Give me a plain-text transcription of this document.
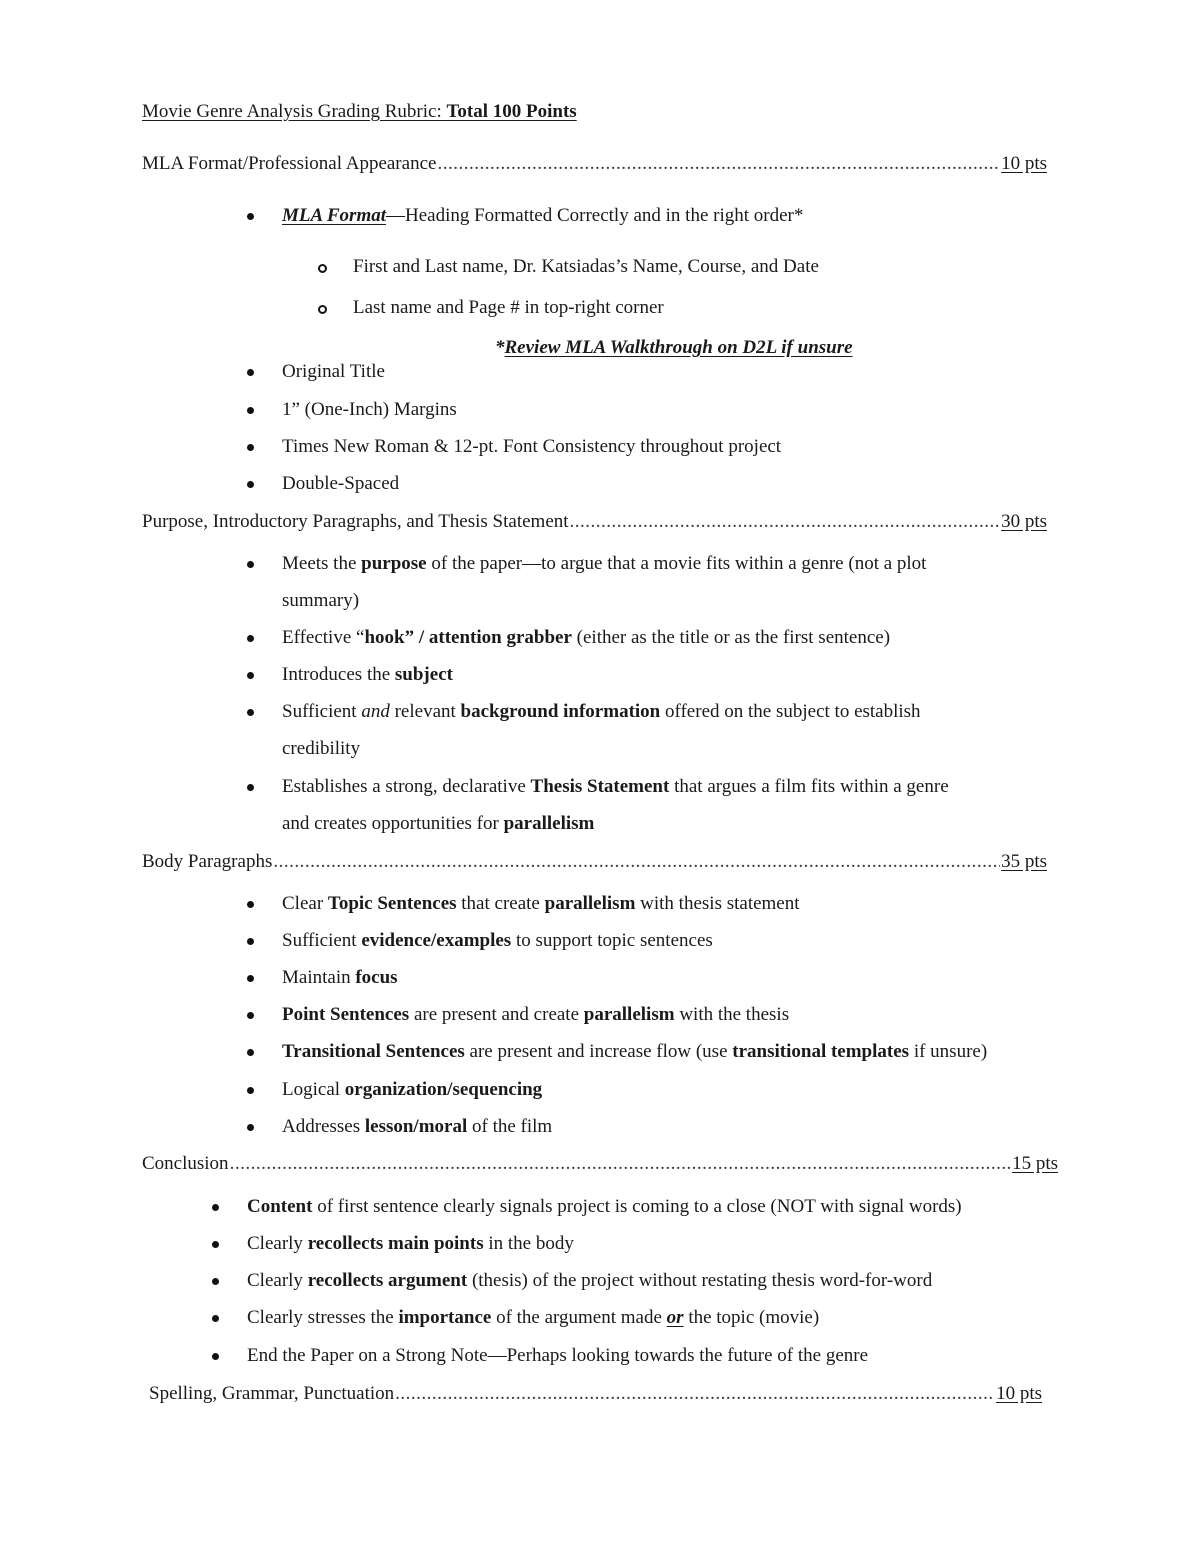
Movie Genre Analysis Grading Rubric: Total 100 Points
MLA Format/Professional Appearance .....	10 pts
MLA Format—Heading Formatted Correctly and in the right order*
First and Last name, Dr. Katsiadas’s Name, Course, and Date
Last name and Page # in top-right corner
*Review MLA Walkthrough on D2L if unsure
Original Title
1” (One-Inch) Margins
Times New Roman & 12-pt. Font Consistency throughout project
Double-Spaced
Purpose, Introductory Paragraphs, and Thesis Statement .....	30 pts
Meets the purpose of the paper—to argue that a movie fits within a genre (not a plot
summary)
Effective “hook” / attention grabber (either as the title or as the first sentence)
Introduces the subject
Sufficient and relevant background information offered on the subject to establish
credibility
Establishes a strong, declarative Thesis Statement that argues a film fits within a genre
and creates opportunities for parallelism
Body Paragraphs .....	35 pts
Clear Topic Sentences that create parallelism with thesis statement
Sufficient evidence/examples to support topic sentences
Maintain focus
Point Sentences are present and create parallelism with the thesis
Transitional Sentences are present and increase flow (use transitional templates if unsure)
Logical organization/sequencing
Addresses lesson/moral of the film
Conclusion .....	15 pts
Content of first sentence clearly signals project is coming to a close (NOT with signal words)
Clearly recollects main points in the body
Clearly recollects argument (thesis) of the project without restating thesis word-for-word
Clearly stresses the importance of the argument made or the topic (movie)
End the Paper on a Strong Note—Perhaps looking towards the future of the genre
Spelling, Grammar, Punctuation .....	10 pts
